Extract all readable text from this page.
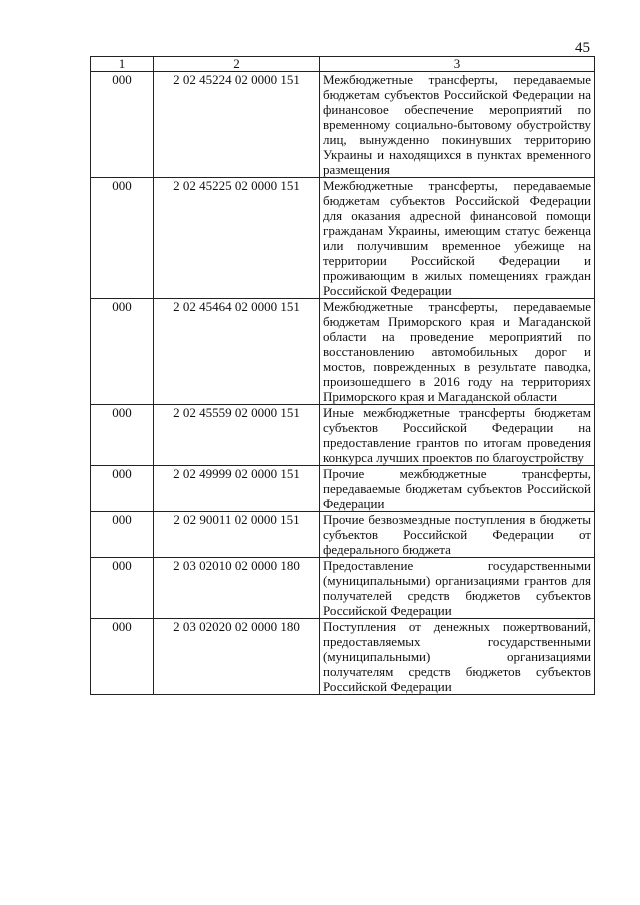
45
1	2	3
000	2 02 45224 02 0000 151	Межбюджетные трансферты, передаваемые бюджетам субъектов Российской Федерации на финансовое обеспечение мероприятий по временному социально-бытовому обустройству лиц, вынужденно покинувших территорию Украины и находящихся в пунктах временного размещения
000	2 02 45225 02 0000 151	Межбюджетные трансферты, передаваемые бюджетам субъектов Российской Федерации для оказания адресной финансовой помощи гражданам Украины, имеющим статус беженца или получившим временное убежище на территории Российской Федерации и проживающим в жилых помещениях граждан Российской Федерации
000	2 02 45464 02 0000 151	Межбюджетные трансферты, передаваемые бюджетам Приморского края и Магаданской области на проведение мероприятий по восстановлению автомобильных дорог и мостов, поврежденных в результате паводка, произошедшего в 2016 году на территориях Приморского края и Магаданской области
000	2 02 45559 02 0000 151	Иные межбюджетные трансферты бюджетам субъектов Российской Федерации на предоставление грантов по итогам проведения конкурса лучших проектов по благоустройству
000	2 02 49999 02 0000 151	Прочие межбюджетные трансферты, передаваемые бюджетам субъектов Российской Федерации
000	2 02 90011 02 0000 151	Прочие безвозмездные поступления в бюджеты субъектов Российской Федерации от федерального бюджета
000	2 03 02010 02 0000 180	Предоставление государственными (муниципальными) организациями грантов для получателей средств бюджетов субъектов Российской Федерации
000	2 03 02020 02 0000 180	Поступления от денежных пожертвований, предоставляемых государственными (муниципальными) организациями получателям средств бюджетов субъектов Российской Федерации
